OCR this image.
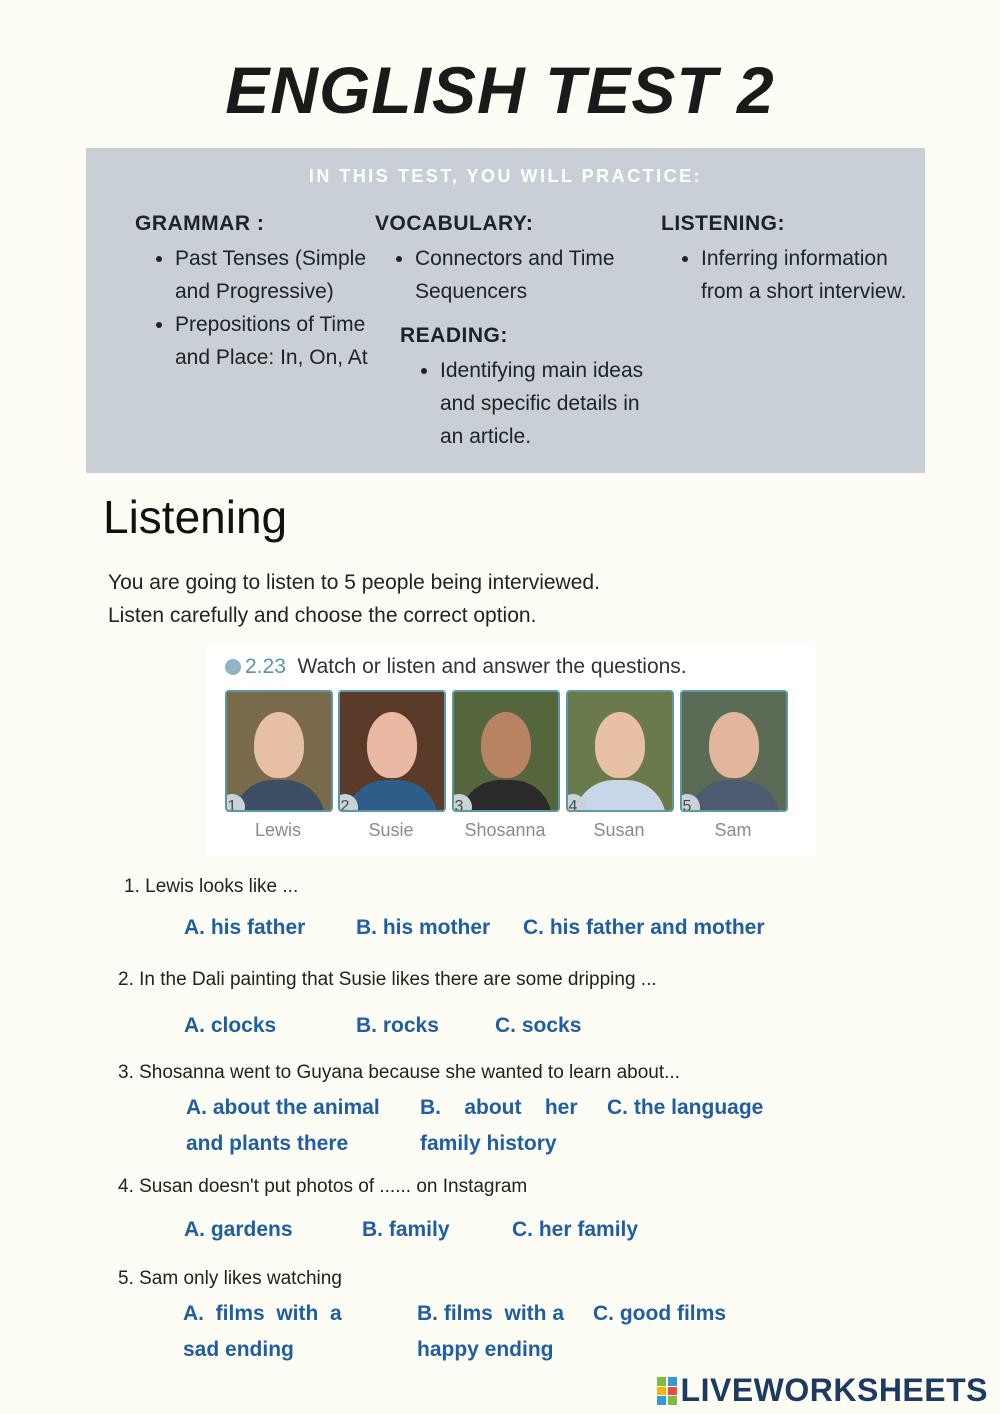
ENGLISH TEST 2
IN THIS TEST, YOU WILL PRACTICE:
GRAMMAR :
• Past Tenses (Simple and Progressive)
• Prepositions of Time and Place: In, On, At
VOCABULARY:
• Connectors and Time Sequencers
READING:
• Identifying main ideas and specific details in an article.
LISTENING:
• Inferring information from a short interview.
Listening
You are going to listen to 5 people being interviewed.
Listen carefully and choose the correct option.
2.23 Watch or listen and answer the questions.
1
Lewis
2
Susie
3
Shosanna
4
Susan
5
Sam
1. Lewis looks like ...
A. his father B. his mother C. his father and mother
2. In the Dali painting that Susie likes there are some dripping ...
A. clocks	B. rocks	C. socks
3. Shosanna went to Guyana because she wanted to learn about...
A. about the animal and plants there
B.    about    her family history
C. the language
4. Susan doesn't put photos of ...... on Instagram
A. gardens	B. family	C. her family
5. Sam only likes watching
A.  films  with  a sad ending
B. films  with a happy ending
C. good films
LIVEWORKSHEETS
